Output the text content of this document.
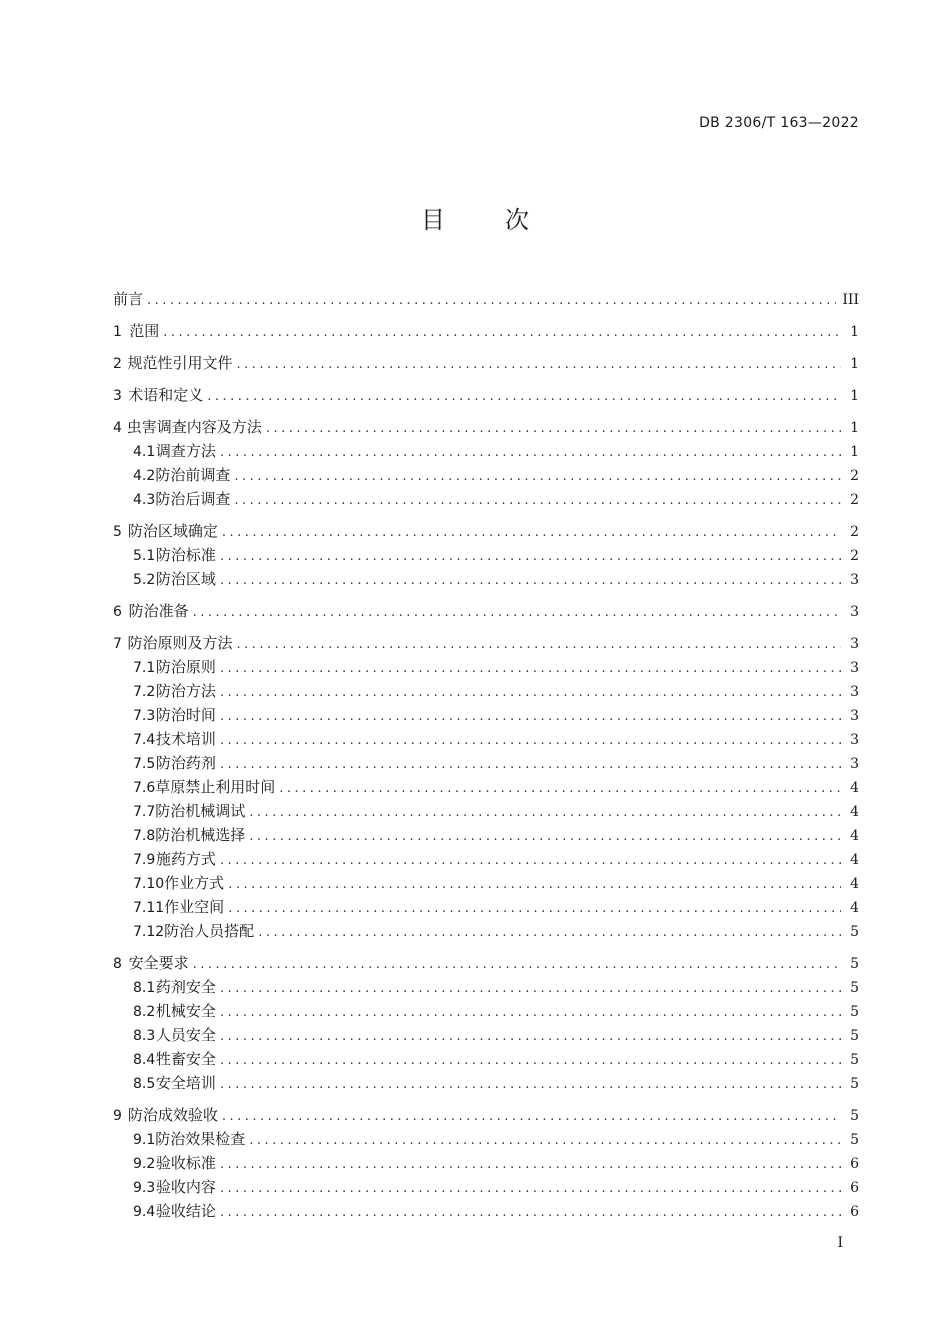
DB 2306/T 163—2022
目	次
前言 .....	III
1 范围 .....	1
2 规范性引用文件 .....	1
3 术语和定义 .....	1
4 虫害调查内容及方法 .....	1
4.1 调查方法 .....	1
4.2 防治前调查 .....	2
4.3 防治后调查 .....	2
5 防治区域确定 .....	2
5.1 防治标准 .....	2
5.2 防治区域 .....	3
6 防治准备 .....	3
7 防治原则及方法 .....	3
7.1 防治原则 .....	3
7.2 防治方法 .....	3
7.3 防治时间 .....	3
7.4 技术培训 .....	3
7.5 防治药剂 .....	3
7.6 草原禁止利用时间 .....	4
7.7 防治机械调试 .....	4
7.8 防治机械选择 .....	4
7.9 施药方式 .....	4
7.10 作业方式 .....	4
7.11 作业空间 .....	4
7.12 防治人员搭配 .....	5
8 安全要求 .....	5
8.1 药剂安全 .....	5
8.2 机械安全 .....	5
8.3 人员安全 .....	5
8.4 牲畜安全 .....	5
8.5 安全培训 .....	5
9 防治成效验收 .....	5
9.1 防治效果检查 .....	5
9.2 验收标准 .....	6
9.3 验收内容 .....	6
9.4 验收结论 .....	6
I
